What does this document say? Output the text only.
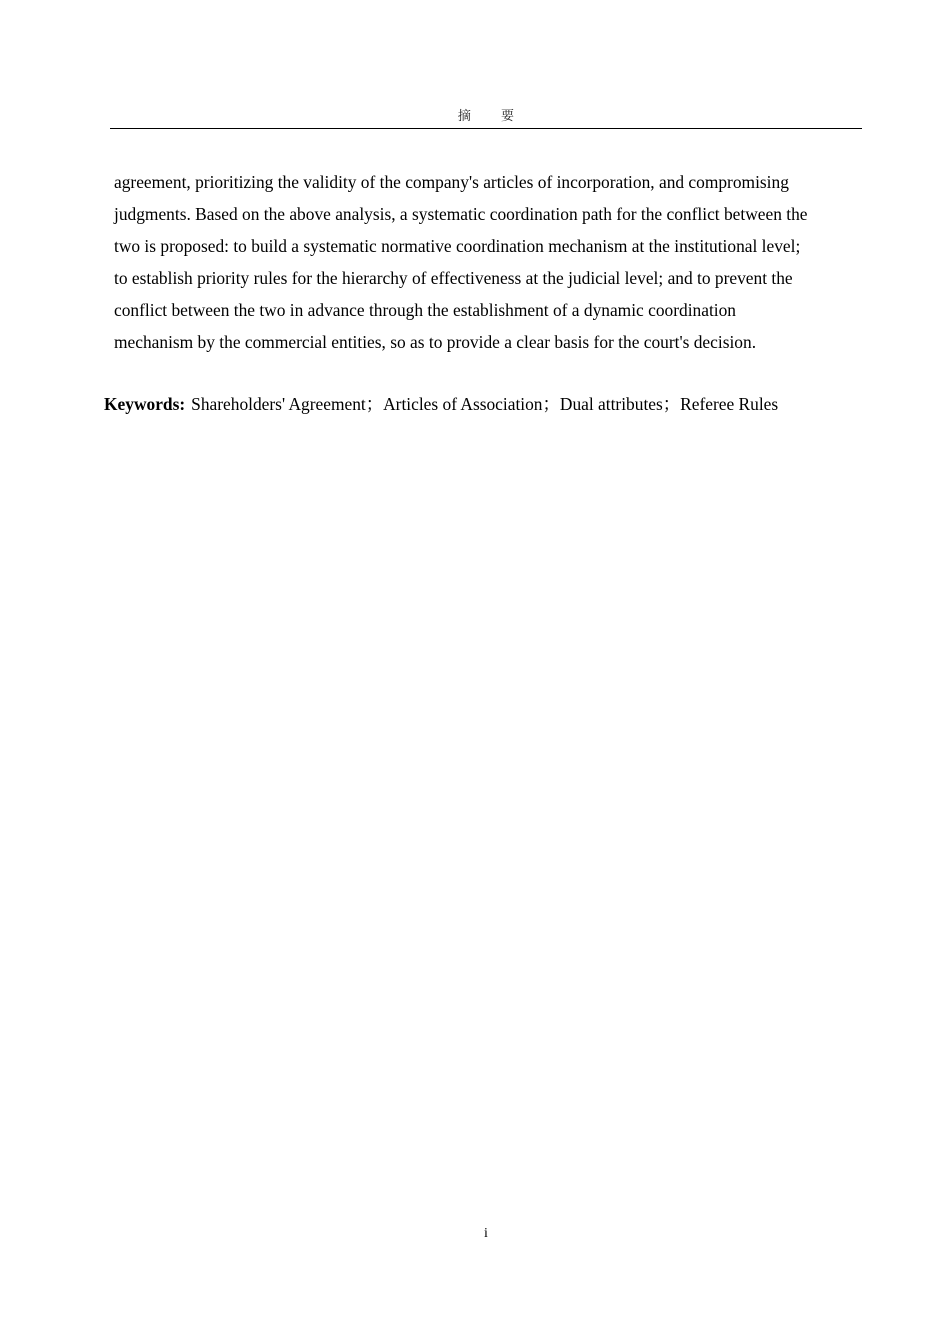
摘 要
agreement, prioritizing the validity of the company's articles of incorporation, and compromising
judgments. Based on the above analysis, a systematic coordination path for the conflict between the
two is proposed: to build a systematic normative coordination mechanism at the institutional level;
to establish priority rules for the hierarchy of effectiveness at the judicial level; and to prevent the
conflict between the two in advance through the establishment of a dynamic coordination
mechanism by the commercial entities, so as to provide a clear basis for the court's decision.
Keywords: Shareholders' Agreement；Articles of Association；Dual attributes；Referee Rules
i
